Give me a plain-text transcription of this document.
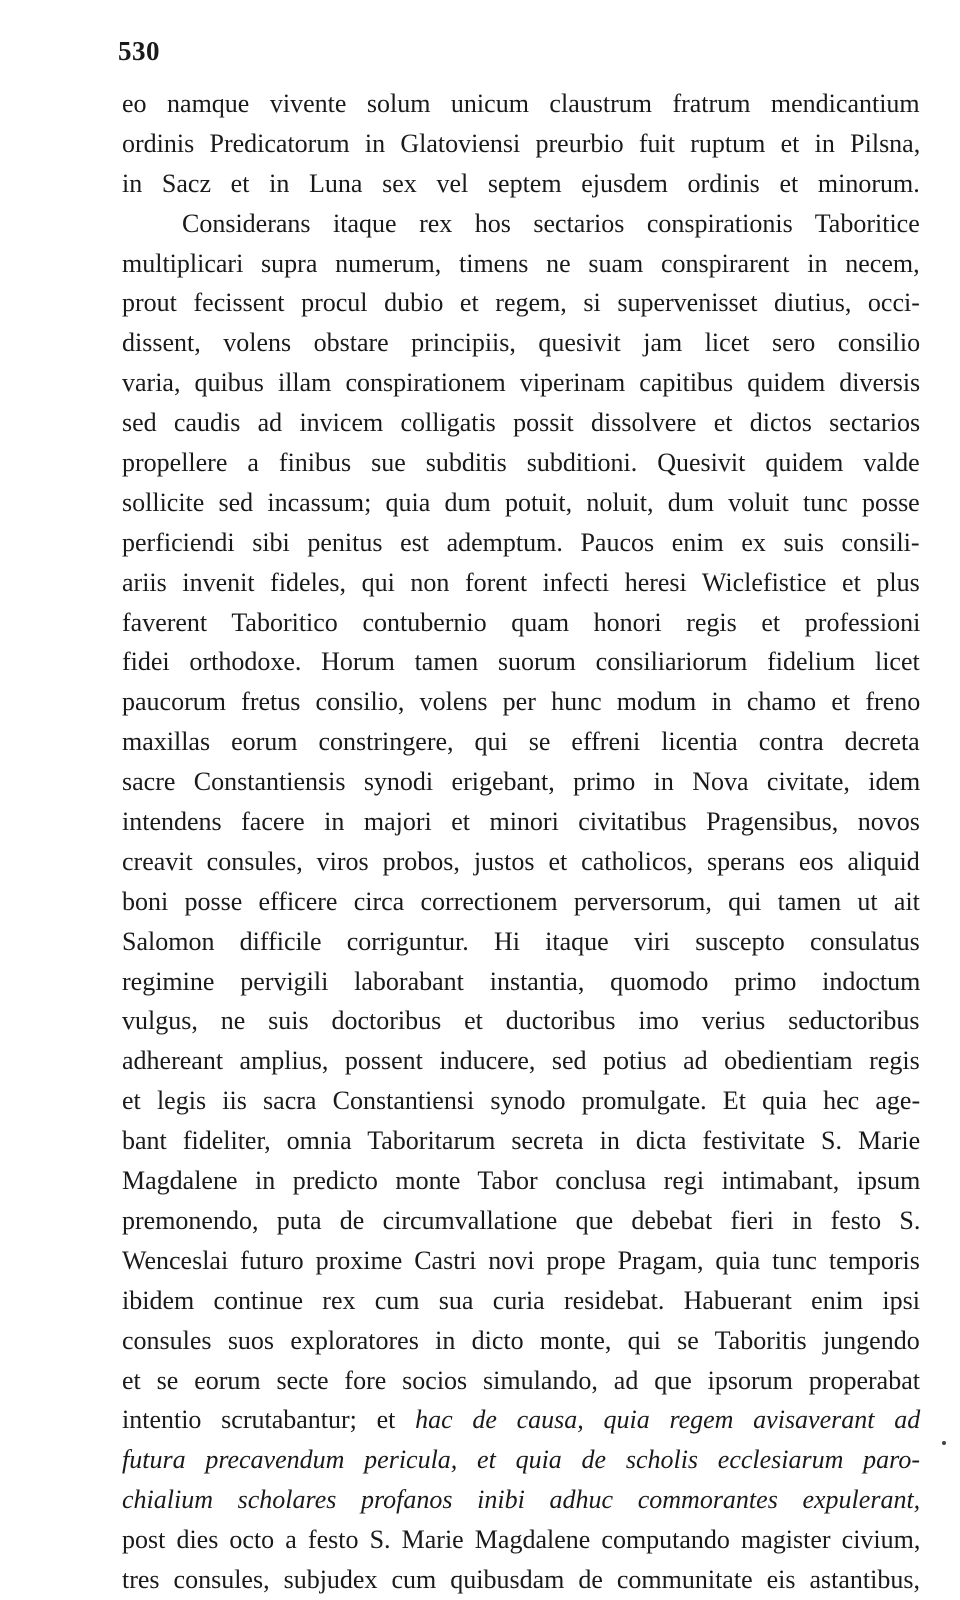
530
eo namque vivente solum unicum claustrum fratrum mendicantium
ordinis Predicatorum in Glatoviensi preurbio fuit ruptum et in Pilsna,
in Sacz et in Luna sex vel septem ejusdem ordinis et minorum.
Considerans itaque rex hos sectarios conspirationis Taboritice
multiplicari supra numerum, timens ne suam conspirarent in necem,
prout fecissent procul dubio et regem, si supervenisset diutius, occi-
dissent, volens obstare principiis, quesivit jam licet sero consilio
varia, quibus illam conspirationem viperinam capitibus quidem diversis
sed caudis ad invicem colligatis possit dissolvere et dictos sectarios
propellere a finibus sue subditis subditioni. Quesivit quidem valde
sollicite sed incassum; quia dum potuit, noluit, dum voluit tunc posse
perficiendi sibi penitus est ademptum. Paucos enim ex suis consili-
ariis invenit fideles, qui non forent infecti heresi Wiclefistice et plus
faverent Taboritico contubernio quam honori regis et professioni
fidei orthodoxe. Horum tamen suorum consiliariorum fidelium licet
paucorum fretus consilio, volens per hunc modum in chamo et freno
maxillas eorum constringere, qui se effreni licentia contra decreta
sacre Constantiensis synodi erigebant, primo in Nova civitate, idem
intendens facere in majori et minori civitatibus Pragensibus, novos
creavit consules, viros probos, justos et catholicos, sperans eos aliquid
boni posse efficere circa correctionem perversorum, qui tamen ut ait
Salomon difficile corriguntur. Hi itaque viri suscepto consulatus
regimine pervigili laborabant instantia, quomodo primo indoctum
vulgus, ne suis doctoribus et ductoribus imo verius seductoribus
adhereant amplius, possent inducere, sed potius ad obedientiam regis
et legis iis sacra Constantiensi synodo promulgate. Et quia hec age-
bant fideliter, omnia Taboritarum secreta in dicta festivitate S. Marie
Magdalene in predicto monte Tabor conclusa regi intimabant, ipsum
premonendo, puta de circumvallatione que debebat fieri in festo S.
Wenceslai futuro proxime Castri novi prope Pragam, quia tunc temporis
ibidem continue rex cum sua curia residebat. Habuerant enim ipsi
consules suos exploratores in dicto monte, qui se Taboritis jungendo
et se eorum secte fore socios simulando, ad que ipsorum properabat
intentio scrutabantur; et hac de causa, quia regem avisaverant ad
futura precavendum pericula, et quia de scholis ecclesiarum paro-
chialium scholares profanos inibi adhuc commorantes expulerant,
post dies octo a festo S. Marie Magdalene computando magister civium,
tres consules, subjudex cum quibusdam de communitate eis astantibus,
